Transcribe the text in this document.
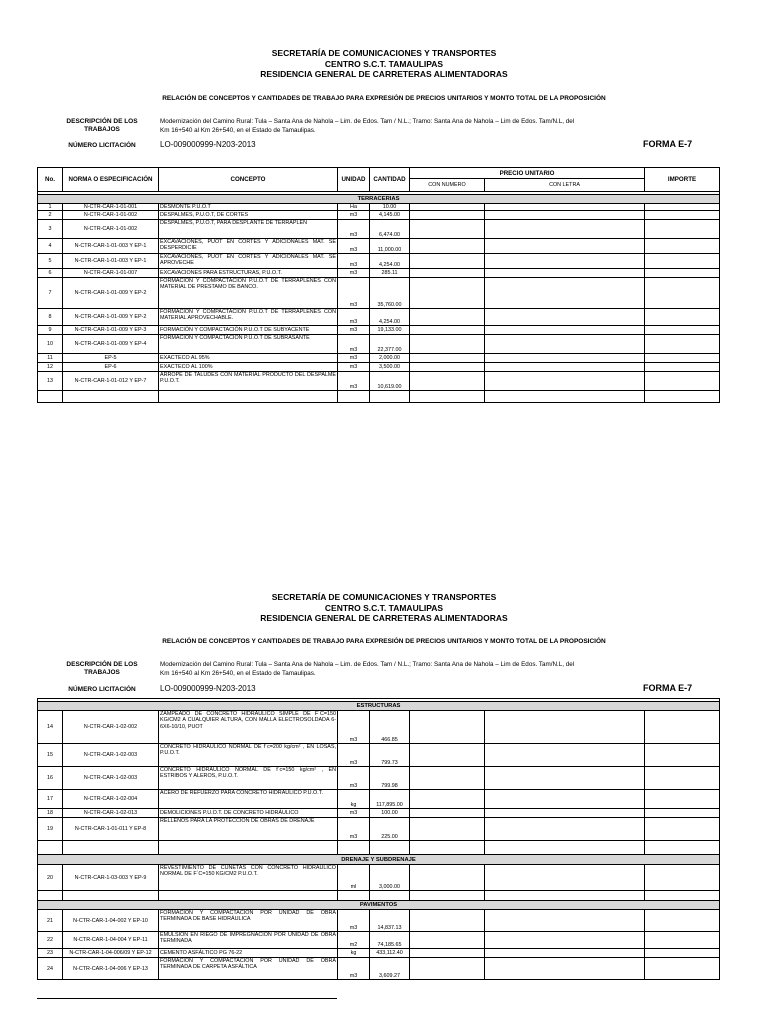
SECRETARÍA DE COMUNICACIONES Y TRANSPORTES
CENTRO S.C.T. TAMAULIPAS
RESIDENCIA GENERAL DE CARRETERAS ALIMENTADORAS
RELACIÓN DE CONCEPTOS Y CANTIDADES DE TRABAJO PARA EXPRESIÓN DE PRECIOS UNITARIOS Y MONTO TOTAL DE LA PROPOSICIÓN
DESCRIPCIÓN DE LOS
TRABAJOS
Modernización del Camino Rural: Tula – Santa Ana de Nahola – Lim. de Edos. Tam / N.L.; Tramo: Santa Ana de Nahola – Lim de Edos. Tam/N.L, del
Km 16+540 al Km 26+540, en el Estado de Tamaulipas.
NÚMERO LICITACIÓN	LO-009000999-N203-2013	FORMA E-7
No.	NORMA O ESPECIFICACIÓN	CONCEPTO	UNIDAD	CANTIDAD	PRECIO UNITARIO		IMPORTE
					CON NUMERO	CON LETRA	

TERRACERIAS							
1	N-CTR-CAR-1-01-001	DESMONTE P.U.O.T	Ha	10.00			
2	N-CTR-CAR-1-01-002	DESPALMES, P.U.O.T, DE CORTES	m3	4,145.00			
3	N-CTR-CAR-1-01-002	DESPALMES, P.U.O.T, PARA DESPLANTE DE TERRAPLEN	m3	6,474.00			
4	N-CTR-CAR-1-01-003 Y EP-1	EXCAVACIONES, PUOT EN CORTES Y ADICIONALES MAT. SE DESPERDICIE	m3	11,000.00			
5	N-CTR-CAR-1-01-003 Y EP-1	EXCAVACIONES, PUOT EN CORTES Y ADICIONALES MAT. SE APROVECHE	m3	4,254.00			
6	N-CTR-CAR-1-01-007	EXCAVACIONES PARA ESTRUCTURAS, P.U.O.T.	m3	285.11			
7	N-CTR-CAR-1-01-009 Y EP-2	FORMACIÓN Y COMPACTACIÓN P.U.O.T DE TERRAPLENES CON MATERIAL DE PRESTAMO DE BANCO.	m3	35,760.00			
8	N-CTR-CAR-1-01-009 Y EP-2	FORMACIÓN Y COMPACTACIÓN P.U.O.T DE TERRAPLENES CON MATERIAL APROVECHABLE.	m3	4,254.00			
9	N-CTR-CAR-1-01-009 Y EP-3	FORMACIÓN Y COMPACTACIÓN P.U.O.T DE SUBYACENTE	m3	19,133.00			
10	N-CTR-CAR-1-01-009 Y EP-4	FORMACIÓN Y COMPACTACIÓN P.U.O.T DE SUBRASANTE	m3	22,377.00			
11	EP-5	EXACTECO AL 95%	m3	2,000.00			
12	EP-6	EXACTECO AL 100%	m3	3,500.00			
13	N-CTR-CAR-1-01-012 Y EP-7	ARROPE DE TALUDES CON MATERIAL PRODUCTO DEL DESPALME P.U.O.T.	m3	10,619.00			

SECRETARÍA DE COMUNICACIONES Y TRANSPORTES
CENTRO S.C.T. TAMAULIPAS
RESIDENCIA GENERAL DE CARRETERAS ALIMENTADORAS
RELACIÓN DE CONCEPTOS Y CANTIDADES DE TRABAJO PARA EXPRESIÓN DE PRECIOS UNITARIOS Y MONTO TOTAL DE LA PROPOSICIÓN
DESCRIPCIÓN DE LOS
TRABAJOS
Modernización del Camino Rural: Tula – Santa Ana de Nahola – Lim. de Edos. Tam / N.L.; Tramo: Santa Ana de Nahola – Lim de Edos. Tam/N.L, del
Km 16+540 al Km 26+540, en el Estado de Tamaulipas.
NÚMERO LICITACIÓN	LO-009000999-N203-2013	FORMA E-7

ESTRUCTURAS							
14	N-CTR-CAR-1-02-002	ZAMPEADO DE CONCRETO HIDRAULICO SIMPLE DE F´C=150 KG/CM2 A CUALQUIER ALTURA, CON MALLA ELECTROSOLDADA 6-6X6-10/10, PUOT	m3	466.85			
15	N-CTR-CAR-1-02-003	CONCRETO HIDRÁULICO NORMAL DE f´c=200 kg/cm² , EN LOSAS, P.U.O.T.	m3	799.73			
16	N-CTR-CAR-1-02-003	CONCRETO HIDRÁULICO NORMAL DE f´c=150 kg/cm² , EN ESTRIBOS Y ALEROS, P.U.O.T.	m3	799.98			
17	N-CTR-CAR-1-02-004	ACERO DE REFUERZO PARA CONCRETO HIDRÁULICO P.U.O.T.	kg	117,895.00			
18	N-CTR-CAR-1-02-013	DEMOLICIONES P.U.O.T. DE CONCRETO HIDRÁULICO	m3	100.00			
19	N-CTR-CAR-1-01-011 Y EP-8	RELLENOS PARA LA PROTECCIÓN DE OBRAS DE DRENAJE	m3	225.00			

DRENAJE Y SUBDRENAJE							
20	N-CTR-CAR-1-03-003 Y EP-9	REVESTIMIENTO DE CUNETAS CON CONCRETO HIDRÁULICO NORMAL DE F´C=150 KG/CM2 P.U.O.T.	ml	3,000.00			

PAVIMENTOS							
21	N-CTR-CAR-1-04-002 Y EP-10	FORMACIÓN Y COMPACTACIÓN POR UNIDAD DE OBRA TERMINADA DE BASE HIDRÁULICA	m3	14,837.13			
22	N-CTR-CAR-1-04-004 Y EP-11	EMULSIÓN EN RIEGO DE IMPREGNACIÓN POR UNIDAD DE OBRA TERMINADA	m2	74,185.65			
23	N-CTR-CAR-1-04-006/09 Y EP-12	CEMENTO ASFÁLTICO PG 76-22	kg	433,112.40			
24	N-CTR-CAR-1-04-006 Y EP-13	FORMACIÓN Y COMPACTACIÓN POR UNIDAD DE OBRA TERMINADA DE CARPETA ASFÁLTICA	m3	3,609.27			
